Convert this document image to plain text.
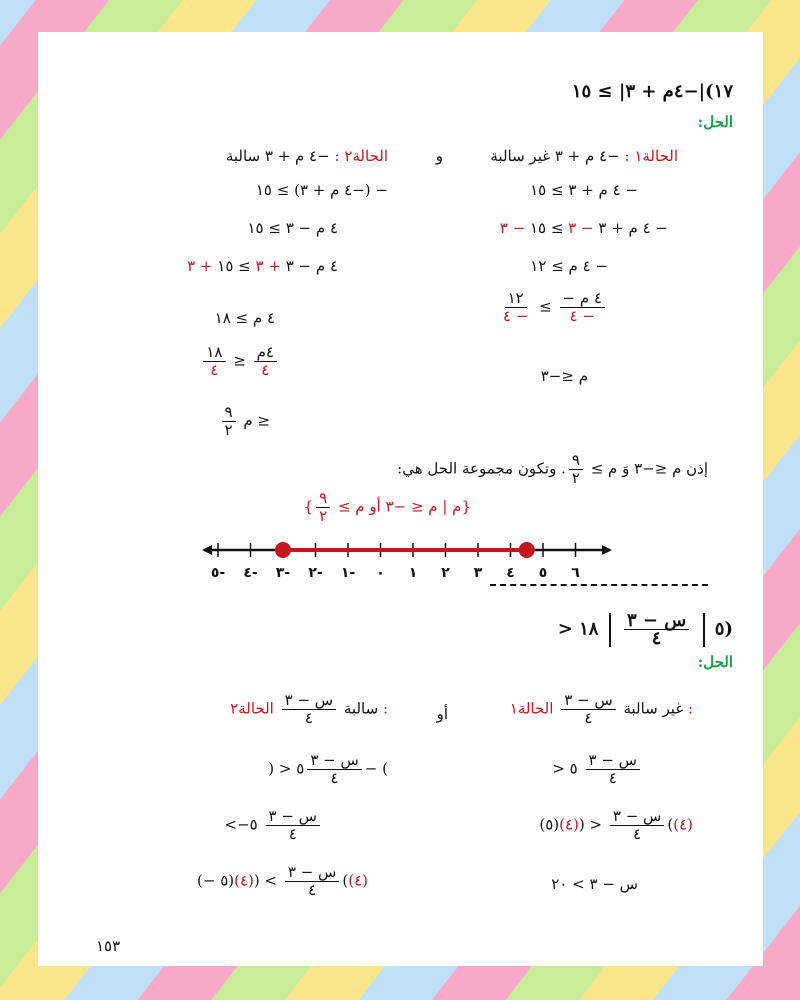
١٧)|−٤م + ٣| ≥ ١٥
الحل:
الحالة١ : −٤ م + ٣ غير سالبة
و
الحالة٢ : −٤ م + ٣ سالبة
− ٤ م + ٣ ≥ ١٥
− ٤ م + ٣ − ٣ ≥ ١٥ − ٣
− ٤ م ≥ ١٢
$\frac{١٢}{٤ -} \le \frac{\text{− ٤ م}}{٤ -}$
م ≤−٣
− (−٤ م + ٣) ≥ ١٥
٤ م − ٣ ≥ ١٥
٤ م − ٣ + ٣ ≥ ١٥ + ٣
٤ م ≥ ١٨
$\frac{١٨}{٤} \ge \frac{\text{٤م}}{٤}$
$\frac{٩}{٢}$ م ≥
إذن م ≤−٣ وَ م ≥
$\frac{٩}{٢}$
. وتكون مجموعة الحل هي:
{م | م ≤ −٣ أو م ≥
$\frac{٩}{٢}$
}
٥- ٤- ٣- ٢- ١- ٠ ١ ٢ ٣ ٤ ٥ ٦
> ٥
$\frac{\text{س − ٣}}{٤}$
١٨)
الحل:
غير سالبة
$\frac{\text{س − ٣}}{٤}$
الحالة١ :
أو
سالبة
$\frac{\text{س − ٣}}{٤}$
الحالة٢ :
> ٥ $\frac{\text{س − ٣}}{٤}$
(٥)(٤)) > $\frac{\text{س − ٣}}{٤}$ ((٤)
س − ٣ > ٢٠
) > ٥ $\frac{\text{س − ٣}}{٤}$ − (
<−٥ $\frac{\text{س − ٣}}{٤}$
(− ٥)(٤)) < $\frac{\text{س − ٣}}{٤}$ ((٤)
١٥٣
